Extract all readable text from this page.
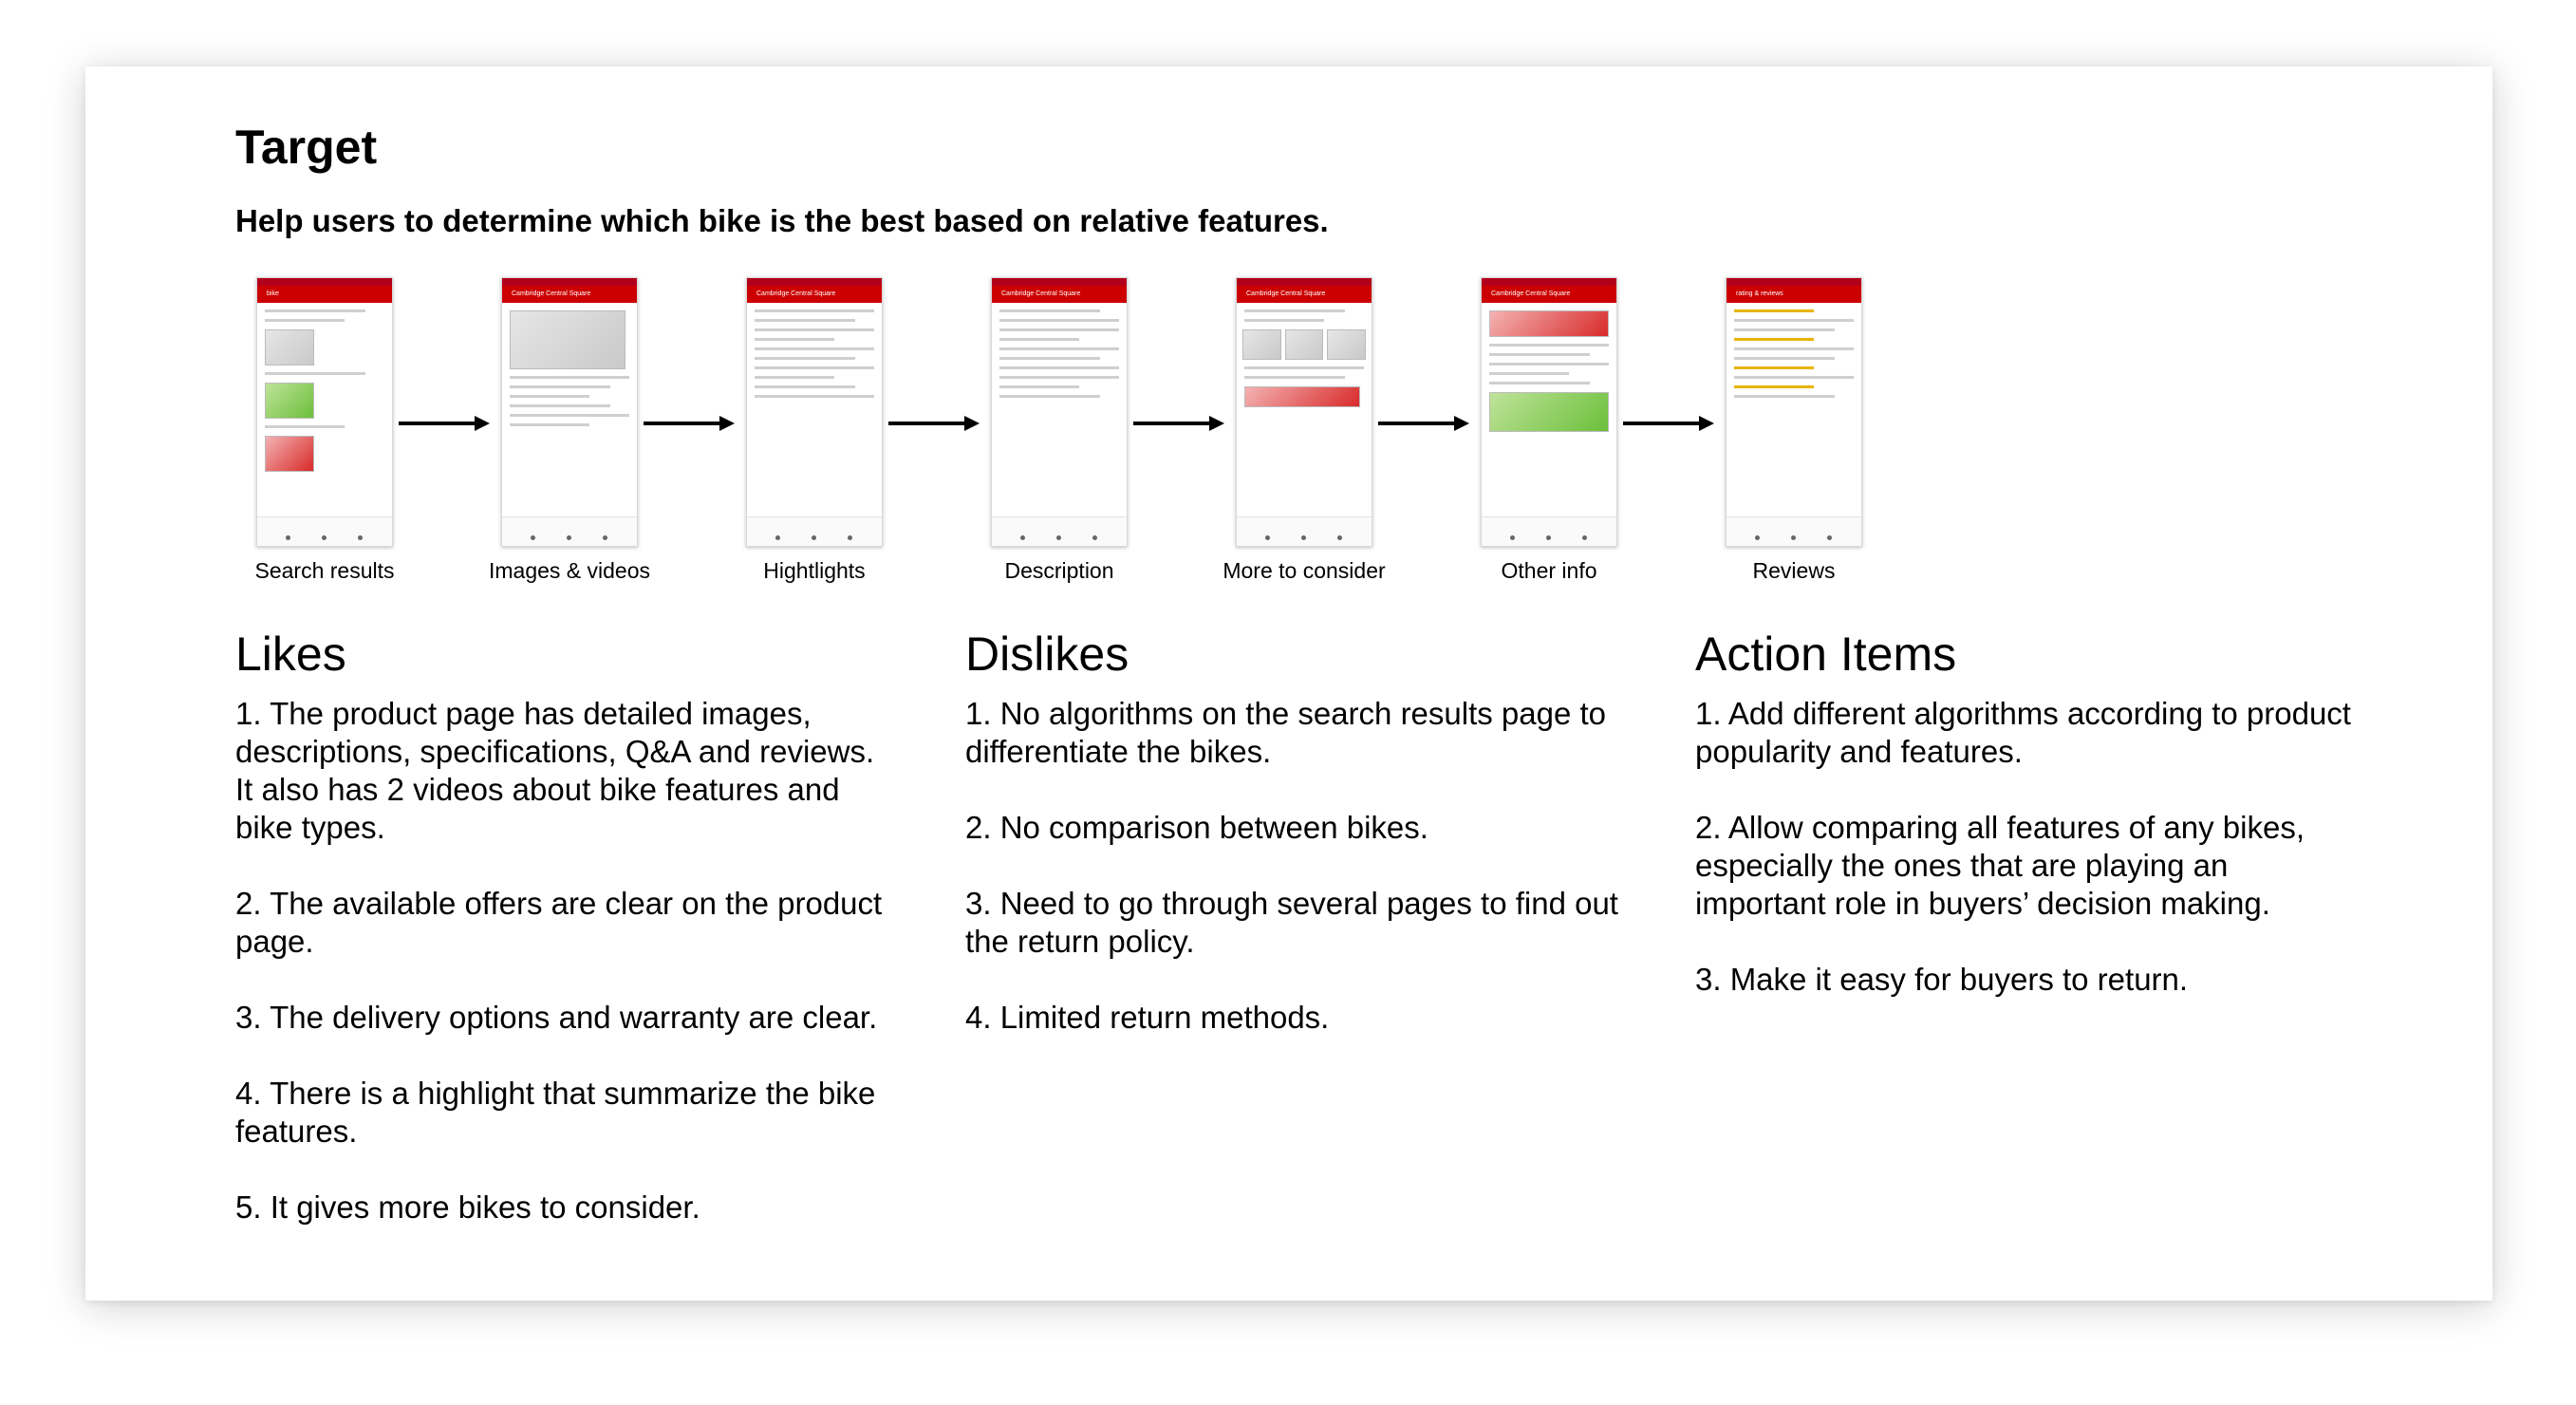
Target

Help users to determine which bike is the best based on relative features.

bike
Search results
Cambridge Central Square
Images & videos
Cambridge Central Square
Hightlights
Cambridge Central Square
Description
Cambridge Central Square
More to consider
Cambridge Central Square
Other info
rating & reviews
Reviews
Likes
1. The product page has detailed images, descriptions, specifications, Q&A and reviews. It also has 2 videos about bike features and bike types.
2. The available offers are clear on the product page.
3. The delivery options and warranty are clear.
4. There is a highlight that summarize the bike features.
5. It gives more bikes to consider.
Dislikes
1. No algorithms on the search results page to differentiate the bikes.
2. No comparison between bikes.
3. Need to go through several pages to find out the return policy.
4. Limited return methods.
Action Items
1. Add different algorithms according to product popularity and features.
2. Allow comparing all features of any bikes, especially the ones that are playing an important role in buyers’ decision making.
3. Make it easy for buyers to return.
